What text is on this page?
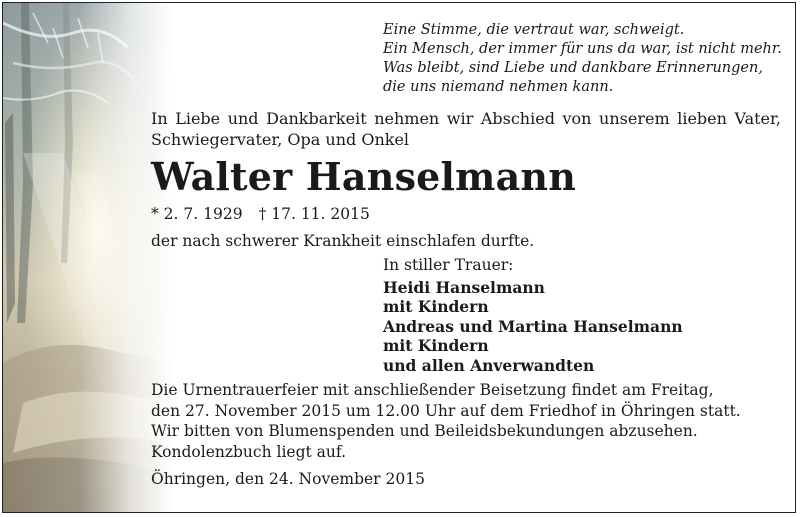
Eine Stimme, die vertraut war, schweigt.
Ein Mensch, der immer für uns da war, ist nicht mehr.
Was bleibt, sind Liebe und dankbare Erinnerungen,
die uns niemand nehmen kann.
In Liebe und Dankbarkeit nehmen wir Abschied von unserem lieben Vater, Schwiegervater, Opa und Onkel
Walter Hanselmann
* 2. 7. 1929 † 17. 11. 2015
der nach schwerer Krankheit einschlafen durfte.
In stiller Trauer:
Heidi Hanselmann
mit Kindern
Andreas und Martina Hanselmann
mit Kindern
und allen Anverwandten
Die Urnentrauerfeier mit anschließender Beisetzung findet am Freitag,
den 27. November 2015 um 12.00 Uhr auf dem Friedhof in Öhringen statt.
Wir bitten von Blumenspenden und Beileidsbekundungen abzusehen.
Kondolenzbuch liegt auf.
Öhringen, den 24. November 2015
